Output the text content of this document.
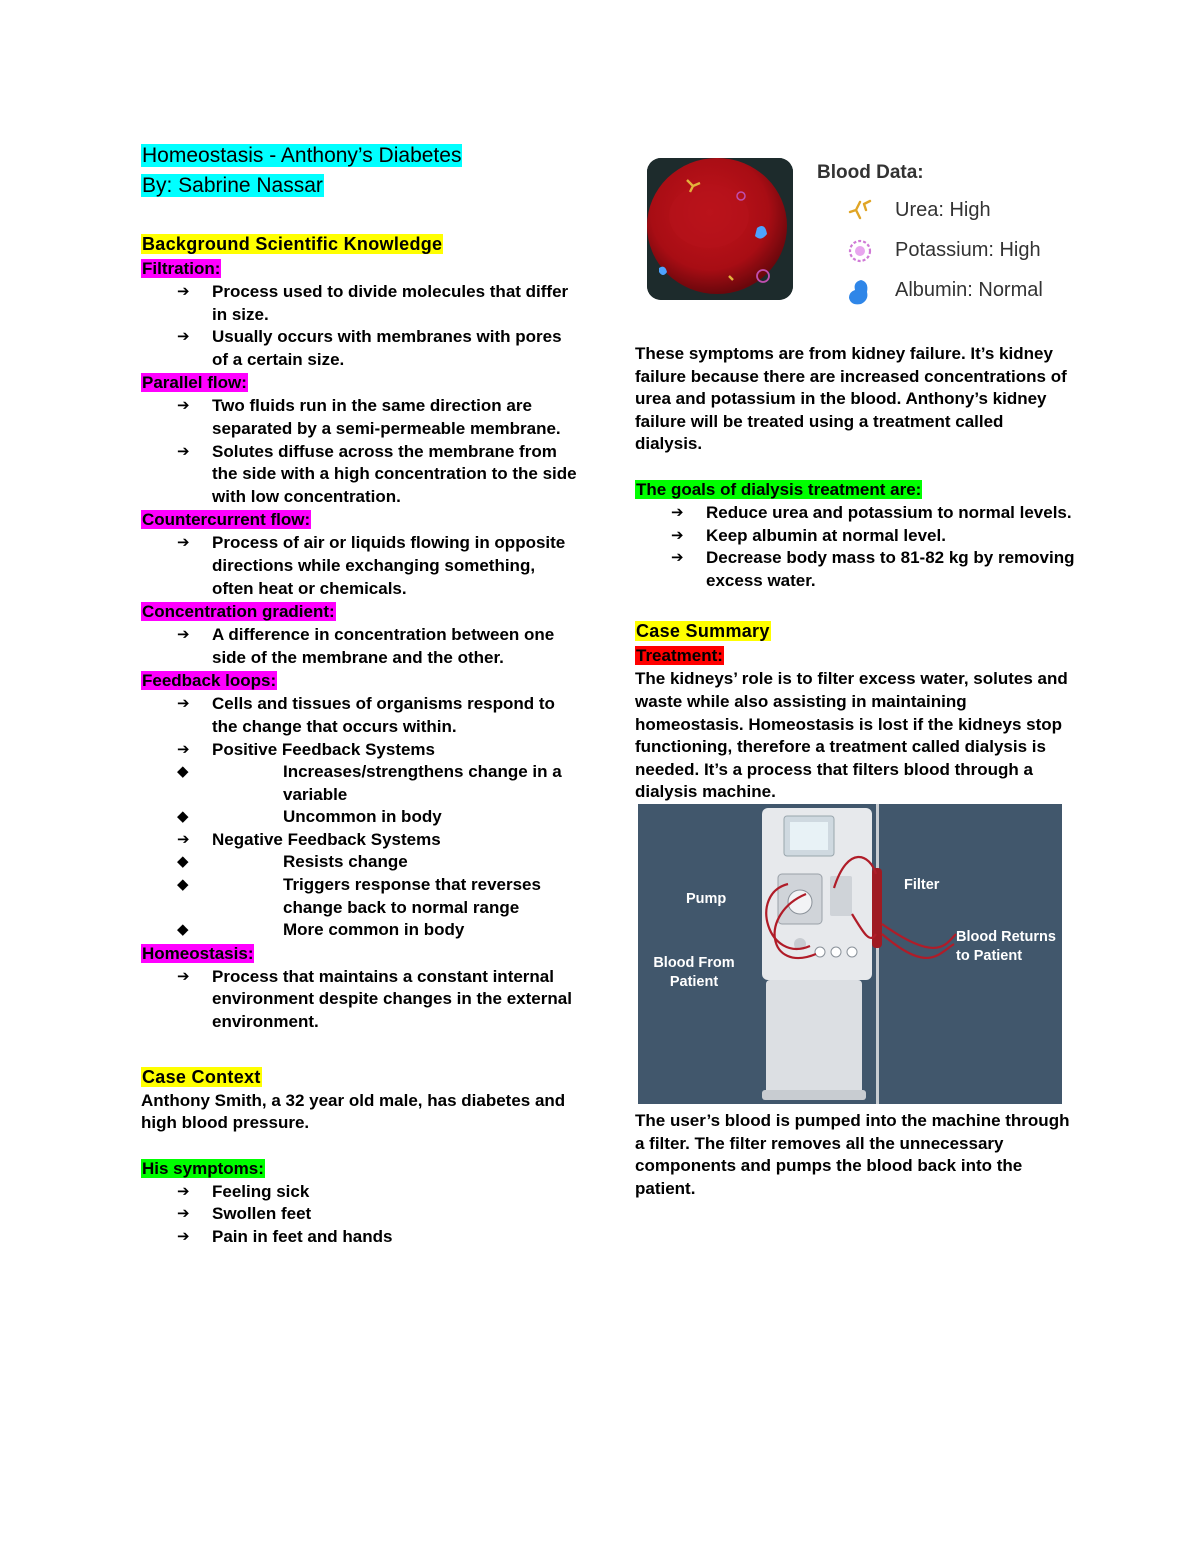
Homeostasis - Anthony’s Diabetes
By: Sabrine Nassar
Background Scientific Knowledge
Filtration:
➔ Process used to divide molecules that differ in size.
➔ Usually occurs with membranes with pores of a certain size.
Parallel flow:
➔ Two fluids run in the same direction are separated by a semi-permeable membrane.
➔ Solutes diffuse across the membrane from the side with a high concentration to the side with low concentration.
Countercurrent flow:
➔ Process of air or liquids flowing in opposite directions while exchanging something, often heat or chemicals.
Concentration gradient:
➔ A difference in concentration between one side of the membrane and the other.
Feedback loops:
➔ Cells and tissues of organisms respond to the change that occurs within.
➔ Positive Feedback Systems
◆ Increases/strengthens change in a variable
◆ Uncommon in body
➔ Negative Feedback Systems
◆ Resists change
◆ Triggers response that reverses change back to normal range
◆ More common in body
Homeostasis:
➔ Process that maintains a constant internal environment despite changes in the external environment.
Case Context
Anthony Smith, a 32 year old male, has diabetes and high blood pressure.
His symptoms:
➔ Feeling sick
➔ Swollen feet
➔ Pain in feet and hands
Blood Data:
Urea: High
Potassium: High
Albumin: Normal
These symptoms are from kidney failure. It’s kidney failure because there are increased concentrations of urea and potassium in the blood. Anthony’s kidney failure will be treated using a treatment called dialysis.
The goals of dialysis treatment are:
➔ Reduce urea and potassium to normal levels.
➔ Keep albumin at normal level.
➔ Decrease body mass to 81-82 kg by removing excess water.
Case Summary
Treatment:
The kidneys’ role is to filter excess water, solutes and waste while also assisting in maintaining homeostasis. Homeostasis is lost if the kidneys stop functioning, therefore a treatment called dialysis is needed. It’s a process that filters blood through a dialysis machine.
Pump
Filter
Blood From Patient
Blood Returns to Patient
The user’s blood is pumped into the machine through a filter. The filter removes all the unnecessary components and pumps the blood back into the patient.
